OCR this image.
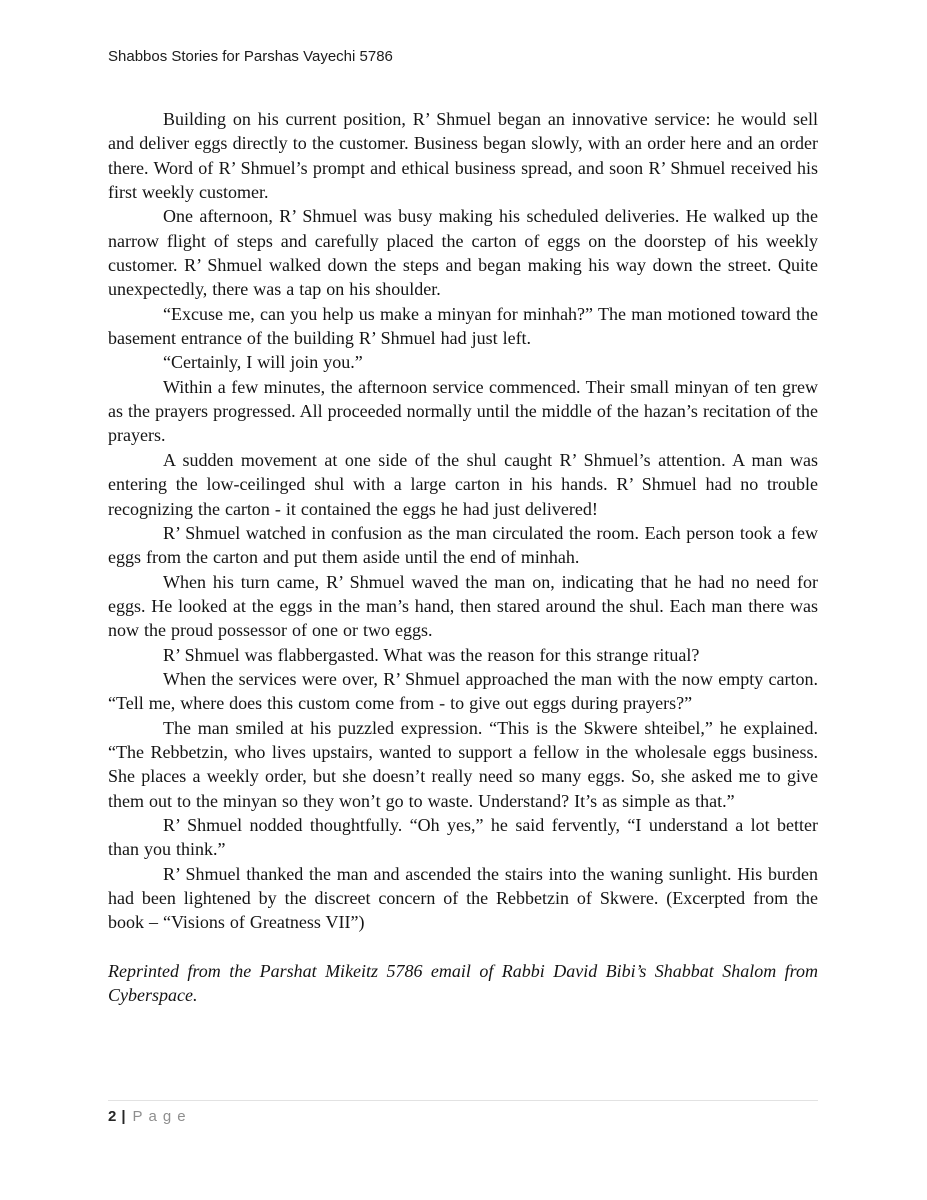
Shabbos Stories for Parshas Vayechi 5786

Building on his current position, R’ Shmuel began an innovative service: he would sell and deliver eggs directly to the customer. Business began slowly, with an order here and an order there. Word of R’ Shmuel’s prompt and ethical business spread, and soon R’ Shmuel received his first weekly customer.

One afternoon, R’ Shmuel was busy making his scheduled deliveries. He walked up the narrow flight of steps and carefully placed the carton of eggs on the doorstep of his weekly customer. R’ Shmuel walked down the steps and began making his way down the street. Quite unexpectedly, there was a tap on his shoulder.

“Excuse me, can you help us make a minyan for minhah?” The man motioned toward the basement entrance of the building R’ Shmuel had just left.

“Certainly, I will join you.”

Within a few minutes, the afternoon service commenced. Their small minyan of ten grew as the prayers progressed. All proceeded normally until the middle of the hazan’s recitation of the prayers.

A sudden movement at one side of the shul caught R’ Shmuel’s attention. A man was entering the low-ceilinged shul with a large carton in his hands. R’ Shmuel had no trouble recognizing the carton - it contained the eggs he had just delivered!

R’ Shmuel watched in confusion as the man circulated the room. Each person took a few eggs from the carton and put them aside until the end of minhah.

When his turn came, R’ Shmuel waved the man on, indicating that he had no need for eggs. He looked at the eggs in the man’s hand, then stared around the shul. Each man there was now the proud possessor of one or two eggs.

R’ Shmuel was flabbergasted. What was the reason for this strange ritual?

When the services were over, R’ Shmuel approached the man with the now empty carton. “Tell me, where does this custom come from - to give out eggs during prayers?”

The man smiled at his puzzled expression. “This is the Skwere shteibel,” he explained. “The Rebbetzin, who lives upstairs, wanted to support a fellow in the wholesale eggs business. She places a weekly order, but she doesn’t really need so many eggs. So, she asked me to give them out to the minyan so they won’t go to waste. Understand? It’s as simple as that.”

R’ Shmuel nodded thoughtfully. “Oh yes,” he said fervently, “I understand a lot better than you think.”

R’ Shmuel thanked the man and ascended the stairs into the waning sunlight. His burden had been lightened by the discreet concern of the Rebbetzin of Skwere. (Excerpted from the book – “Visions of Greatness VII”)

Reprinted from the Parshat Mikeitz 5786 email of Rabbi David Bibi’s Shabbat Shalom from Cyberspace.

2 | Page
